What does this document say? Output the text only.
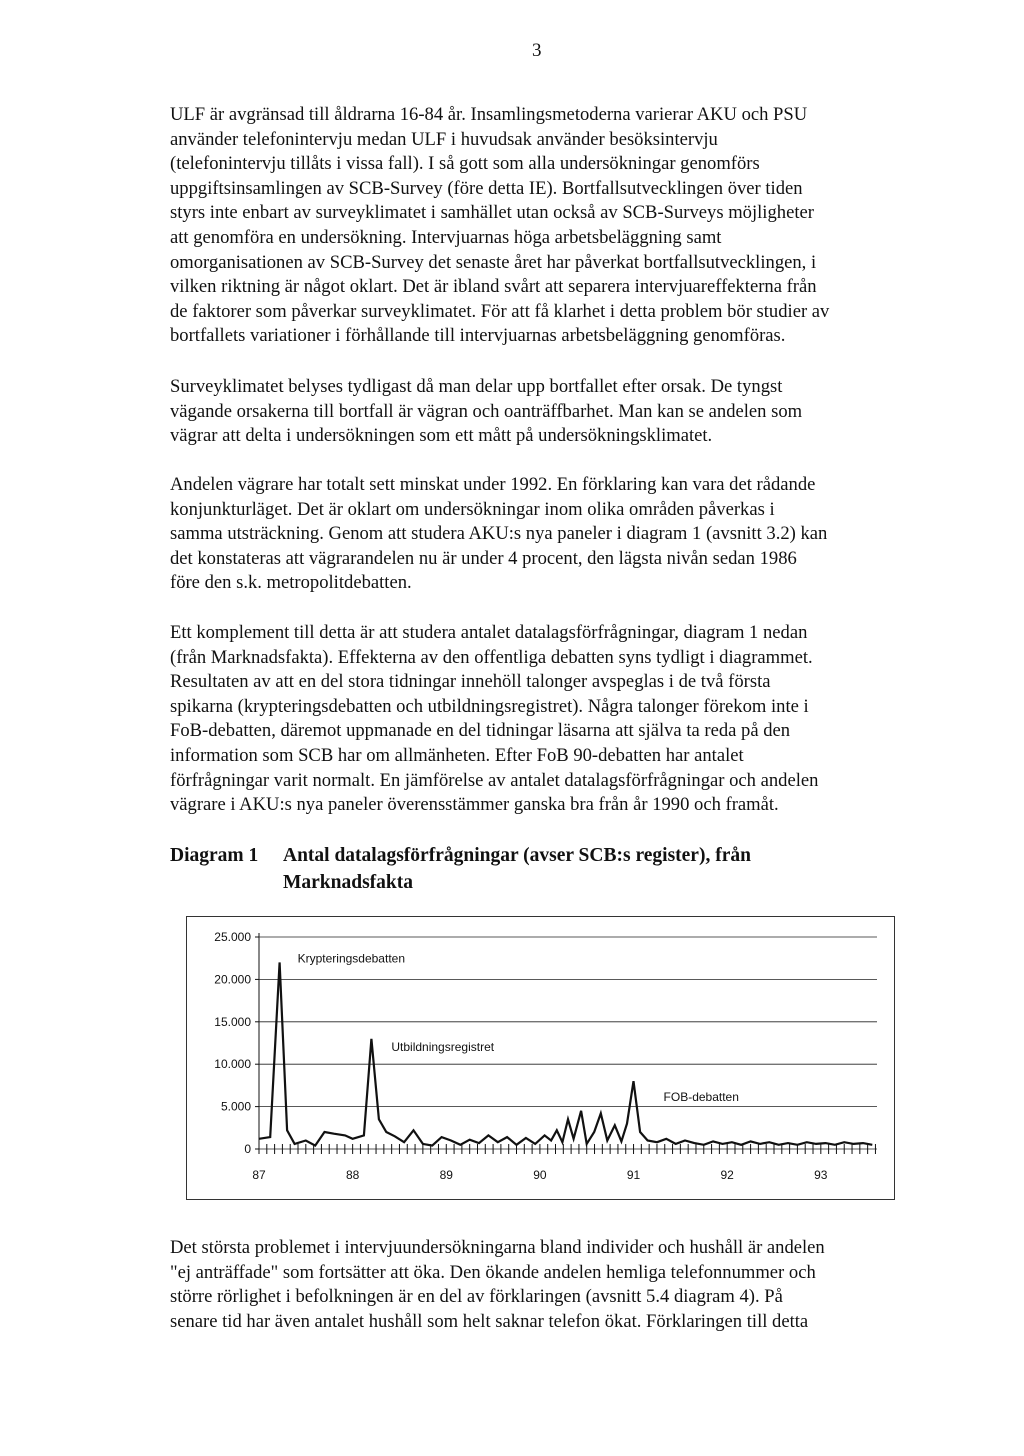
3

ULF är avgränsad till åldrarna 16-84 år. Insamlingsmetoderna varierar AKU och PSU
använder telefonintervju medan ULF i huvudsak använder besöksintervju
(telefonintervju tillåts i vissa fall). I så gott som alla undersökningar genomförs
uppgiftsinsamlingen av SCB-Survey (före detta IE). Bortfallsutvecklingen över tiden
styrs inte enbart av surveyklimatet i samhället utan också av SCB-Surveys möjligheter
att genomföra en undersökning. Intervjuarnas höga arbetsbeläggning samt
omorganisationen av SCB-Survey det senaste året har påverkat bortfallsutvecklingen, i
vilken riktning är något oklart. Det är ibland svårt att separera intervjuareffekterna från
de faktorer som påverkar surveyklimatet. För att få klarhet i detta problem bör studier av
bortfallets variationer i förhållande till intervjuarnas arbetsbeläggning genomföras.

Surveyklimatet belyses tydligast då man delar upp bortfallet efter orsak. De tyngst
vägande orsakerna till bortfall är vägran och oanträffbarhet. Man kan se andelen som
vägrar att delta i undersökningen som ett mått på undersökningsklimatet.

Andelen vägrare har totalt sett minskat under 1992. En förklaring kan vara det rådande
konjunkturläget. Det är oklart om undersökningar inom olika områden påverkas i
samma utsträckning. Genom att studera AKU:s nya paneler i diagram 1 (avsnitt 3.2) kan
det konstateras att vägrarandelen nu är under 4 procent, den lägsta nivån sedan 1986
före den s.k. metropolitdebatten.

Ett komplement till detta är att studera antalet datalagsförfrågningar, diagram 1 nedan
(från Marknadsfakta). Effekterna av den offentliga debatten syns tydligt i diagrammet.
Resultaten av att en del stora tidningar innehöll talonger avspeglas i de två första
spikarna (krypteringsdebatten och utbildningsregistret). Några talonger förekom inte i
FoB-debatten, däremot uppmanade en del tidningar läsarna att själva ta reda på den
information som SCB har om allmänheten. Efter FoB 90-debatten har antalet
förfrågningar varit normalt. En jämförelse av antalet datalagsförfrågningar och andelen
vägrare i AKU:s nya paneler överensstämmer ganska bra från år 1990 och framåt.

Diagram 1 Antal datalagsförfrågningar (avser SCB:s register), från
Marknadsfakta
0
5.000
10.000
15.000
20.000
25.000
87	88	89	90	91	92	93
Krypteringsdebatten
Utbildningsregistret
FOB-debatten

Det största problemet i intervjuundersökningarna bland individer och hushåll är andelen
"ej anträffade" som fortsätter att öka. Den ökande andelen hemliga telefonnummer och
större rörlighet i befolkningen är en del av förklaringen (avsnitt 5.4 diagram 4). På
senare tid har även antalet hushåll som helt saknar telefon ökat. Förklaringen till detta
